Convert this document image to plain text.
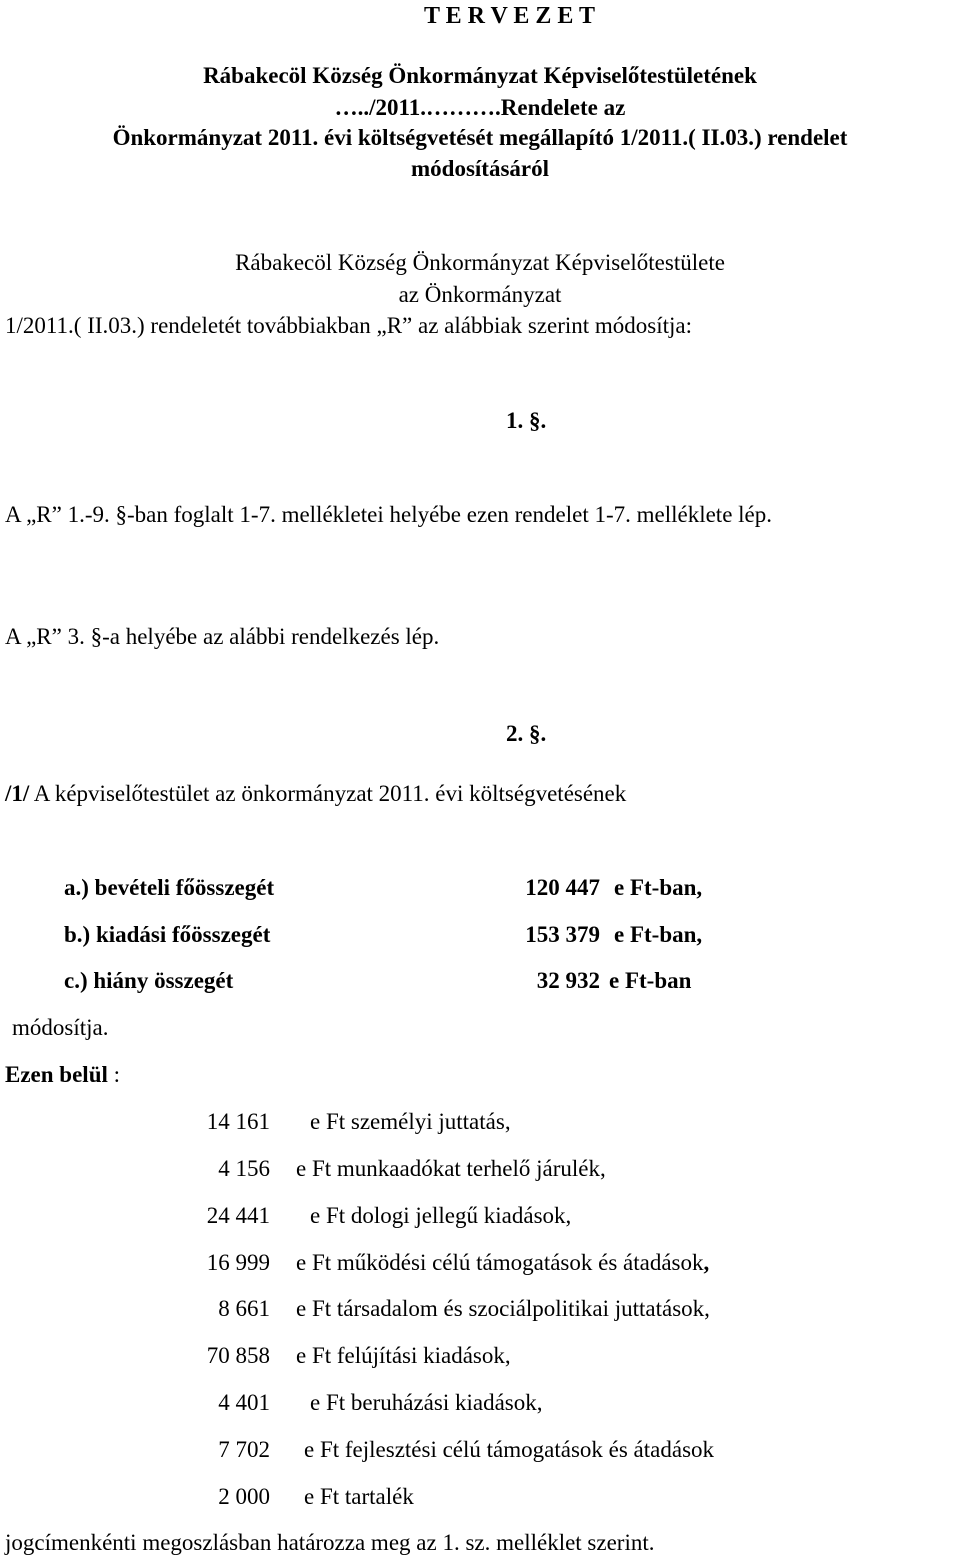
T E R V E Z E T
Rábakecöl Község Önkormányzat Képviselőtestületének
…../2011.……….Rendelete az
Önkormányzat 2011. évi költségvetését megállapító 1/2011.( II.03.) rendelet
módosításáról
Rábakecöl Község Önkormányzat Képviselőtestülete
az Önkormányzat
1/2011.( II.03.) rendeletét továbbiakban „R” az alábbiak szerint módosítja:
1. §.
A „R” 1.-9. §-ban foglalt 1-7. mellékletei helyébe ezen rendelet 1-7. melléklete lép.
A „R” 3. §-a helyébe az alábbi rendelkezés lép.
2. §.
/1/ A képviselőtestület az önkormányzat 2011. évi költségvetésének
a.) bevételi főösszegét	120 447 e Ft-ban,
b.) kiadási főösszegét	153 379 e Ft-ban,
c.) hiány összegét	32 932 e Ft-ban
módosítja.
Ezen belül :
14 161 e Ft személyi juttatás,
4 156 e Ft munkaadókat terhelő járulék,
24 441 e Ft dologi jellegű kiadások,
16 999 e Ft működési célú támogatások és átadások,
8 661 e Ft társadalom és szociálpolitikai juttatások,
70 858 e Ft felújítási kiadások,
4 401 e Ft beruházási kiadások,
7 702 e Ft fejlesztési célú támogatások és átadások
2 000 e Ft tartalék
jogcímenkénti megoszlásban határozza meg az 1. sz. melléklet szerint.
